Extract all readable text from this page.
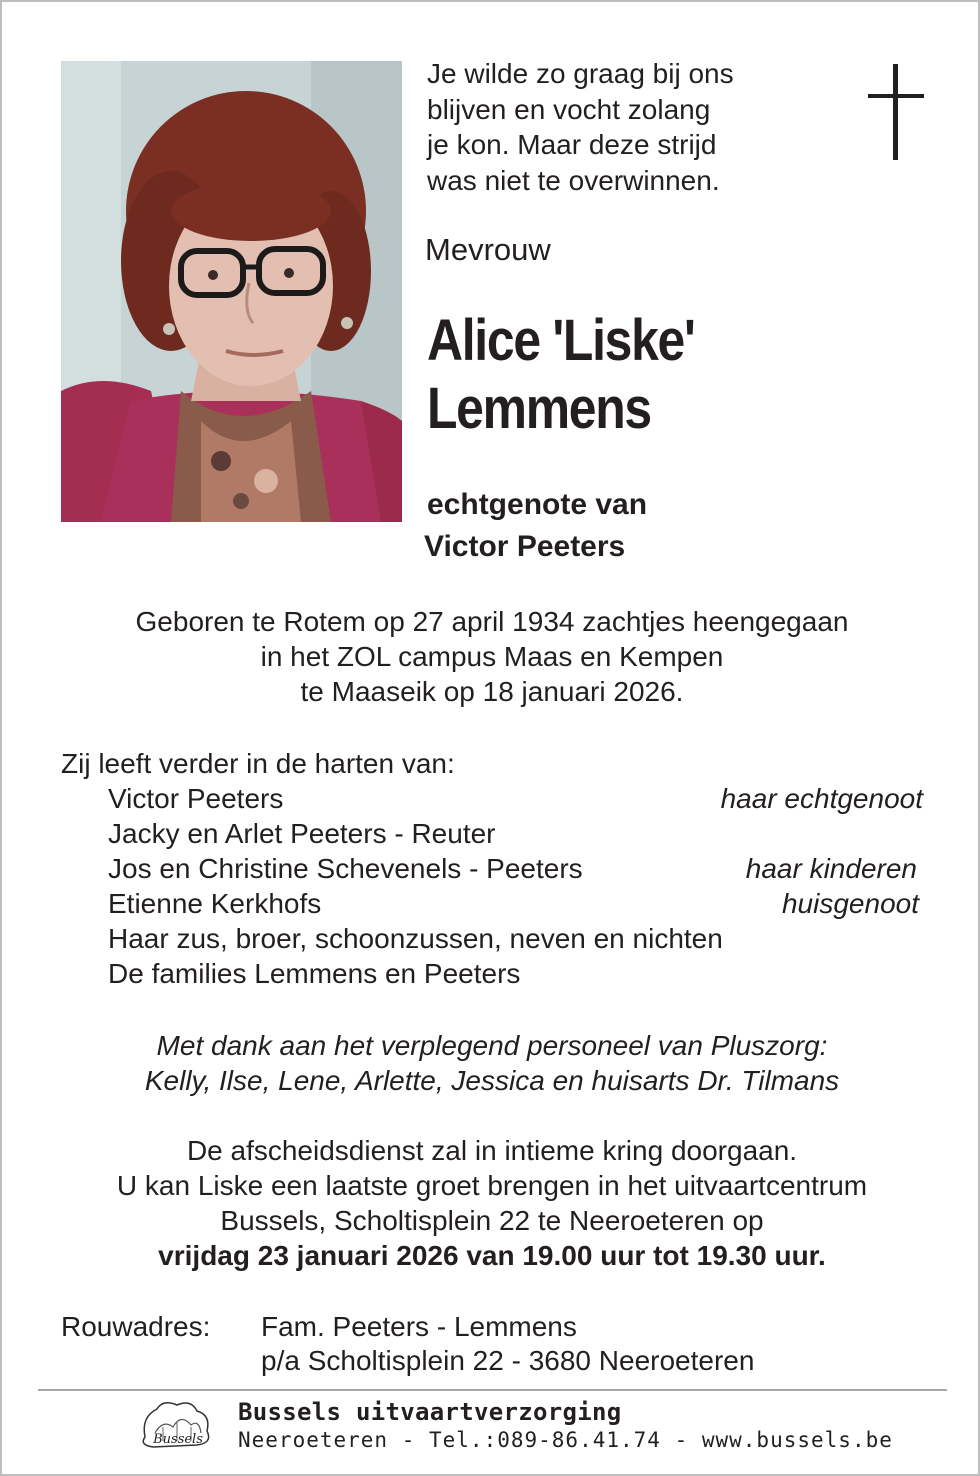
Je wilde zo graag bij ons
blijven en vocht zolang
je kon. Maar deze strijd
was niet te overwinnen.
Mevrouw
Alice 'Liske'
Lemmens
echtgenote van
Victor Peeters
Geboren te Rotem op 27 april 1934 zachtjes heengegaan
in het ZOL campus Maas en Kempen
te Maaseik op 18 januari 2026.
Zij leeft verder in de harten van:
Victor Peeters	haar echtgenoot
Jacky en Arlet Peeters - Reuter
Jos en Christine Schevenels - Peeters	haar kinderen
Etienne Kerkhofs	huisgenoot
Haar zus, broer, schoonzussen, neven en nichten
De families Lemmens en Peeters
Met dank aan het verplegend personeel van Pluszorg:
Kelly, Ilse, Lene, Arlette, Jessica en huisarts Dr. Tilmans
De afscheidsdienst zal in intieme kring doorgaan.
U kan Liske een laatste groet brengen in het uitvaartcentrum
Bussels, Scholtisplein 22 te Neeroeteren op
vrijdag 23 januari 2026 van 19.00 uur tot 19.30 uur.
Rouwadres: Fam. Peeters - Lemmens
p/a Scholtisplein 22 - 3680 Neeroeteren
Bussels
Bussels uitvaartverzorging
Neeroeteren - Tel.:089-86.41.74 - www.bussels.be
